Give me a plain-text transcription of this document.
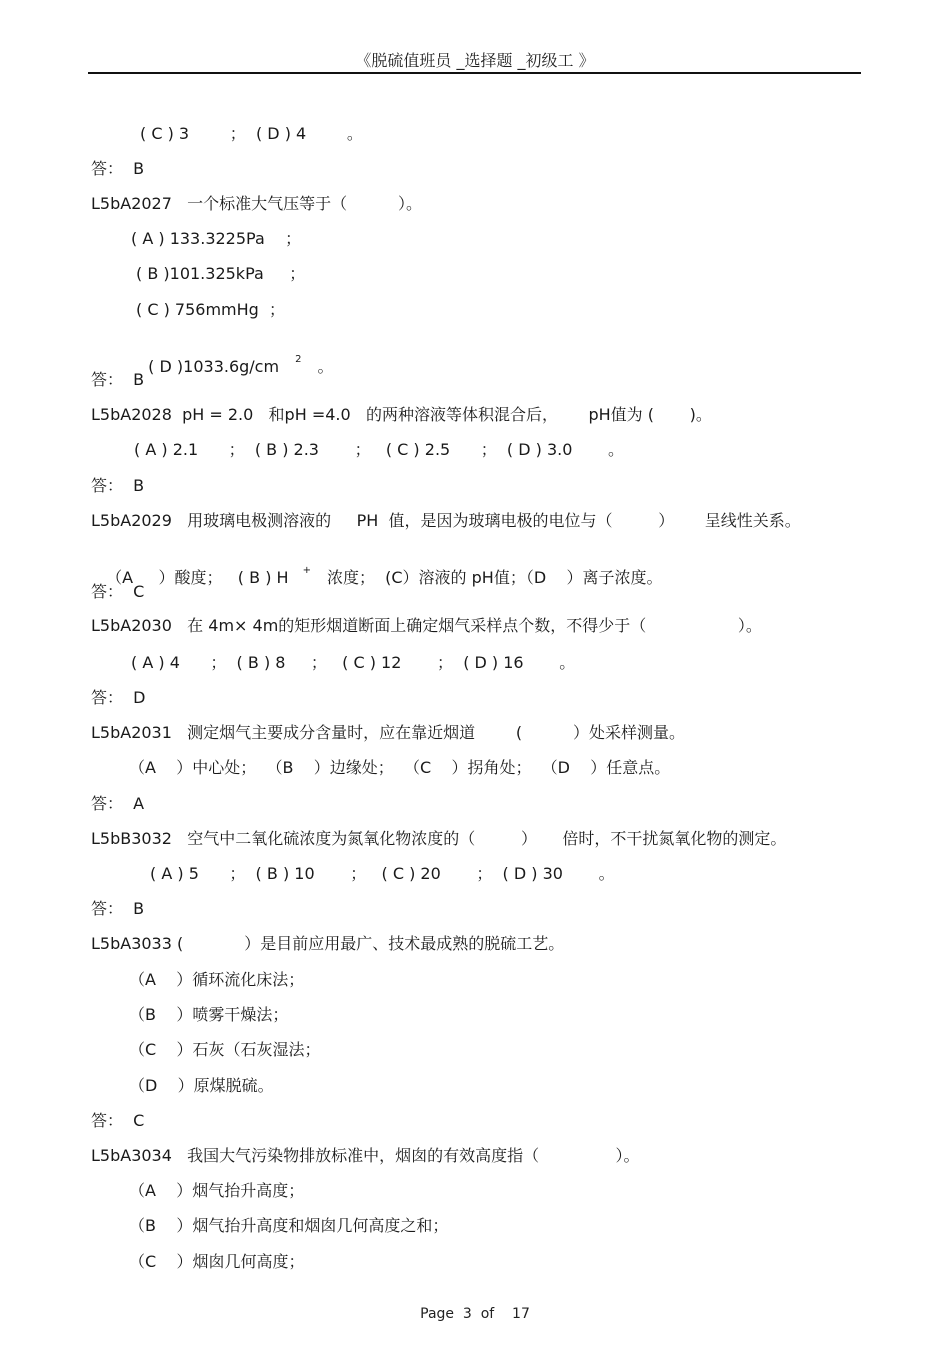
《脱硫值班员 _选择题 _初级工 》
( C ) 3        ；  ( D ) 4        。
答：  B
L5bA2027   一个标准大气压等于（          ）。
( A ) 133.3225Pa    ；
( B )101.325kPa     ；
( C ) 756mmHg  ；

( D )1033.6g/cm $^2$ 。

答：  B
L5bA2028  pH = 2.0   和pH =4.0   的两种溶液等体积混合后，      pH值为 (       )。
( A ) 2.1      ；  ( B ) 2.3       ；   ( C ) 2.5      ；  ( D ) 3.0       。
答：  B
L5bA2029   用玻璃电极测溶液的     PH  值，是因为玻璃电极的电位与（         ）      呈线性关系。

（A     ）酸度；   ( B ) H + 浓度；  (C）溶液的 pH值；（D    ）离子浓度。

答：  C
L5bA2030   在 4m× 4m的矩形烟道断面上确定烟气采样点个数，不得少于（                  ）。
( A ) 4      ；  ( B ) 8     ；   ( C ) 12       ；  ( D ) 16       。
答：  D
L5bA2031   测定烟气主要成分含量时，应在靠近烟道        (          ）处采样测量。
（A    ）中心处；  （B    ）边缘处；  （C    ）拐角处；  （D    ）任意点。
答：  A
L5bB3032   空气中二氧化硫浓度为氮氧化物浓度的（         ）     倍时，不干扰氮氧化物的测定。
( A ) 5      ；  ( B ) 10       ；   ( C ) 20       ；  ( D ) 30       。
答：  B
L5bA3033 (            ）是目前应用最广、技术最成熟的脱硫工艺。
（A    ）循环流化床法；
（B    ）喷雾干燥法；
（C    ）石灰（石灰湿法；
（D    ）原煤脱硫。
答：  C
L5bA3034   我国大气污染物排放标准中，烟囱的有效高度指（               ）。
（A    ）烟气抬升高度；
（B    ）烟气抬升高度和烟囱几何高度之和；
（C    ）烟囱几何高度；
Page  3  of    17
